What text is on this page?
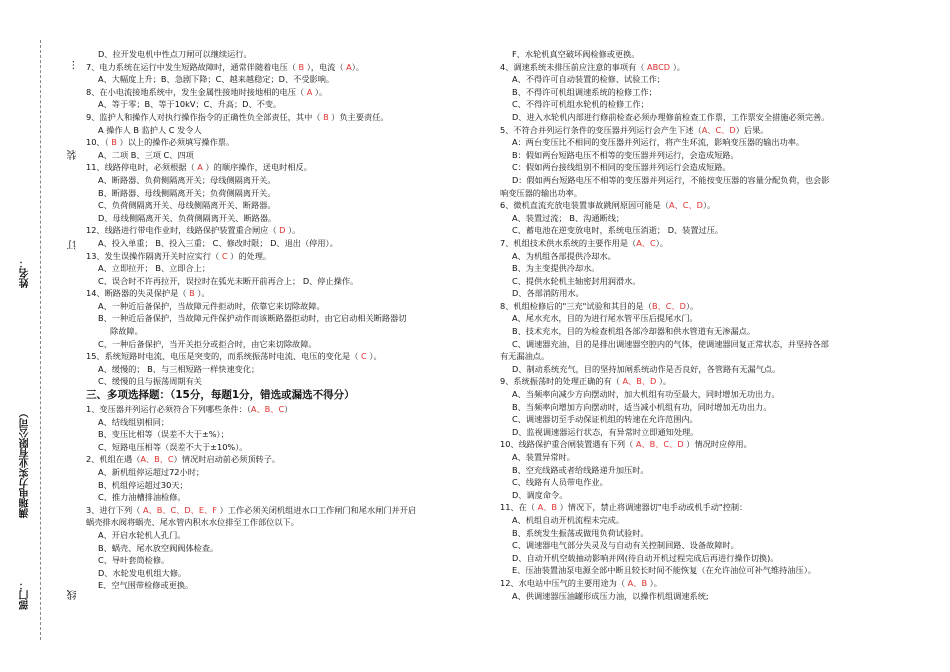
姓名：
满瑞电力实业有限公司）
部门：
…
装
订
线
D、拉开发电机中性点刀闸可以继续运行。
7、电力系统在运行中发生短路故障时，通常伴随着电压（ B ），电流（ A）。
A、大幅度上升；B、急剧下降；C、越来越稳定；D、不受影响。
8、在小电流接地系统中，发生金属性接地时接地相的电压（ A ）。
A、等于零；B、等于10kV；C、升高；D、不变。
9、监护人和操作人对执行操作指令的正确性负全部责任，其中（ B ）负主要责任。
A 操作人 B 监护人 C 发令人
10、（ B ）以上的操作必须填写操作票。
A、二项 B、三项 C、四项
11、线路停电时，必须根据（ A ）的顺序操作，送电时相反。
A、断路器、负荷侧隔离开关；母线侧隔离开关。
B、断路器、母线侧隔离开关；负荷侧隔离开关。
C、负荷侧隔离开关、母线侧隔离开关、断路器。
D、母线侧隔离开关、负荷侧隔离开关、断路器。
12、线路进行带电作业时，线路保护装置重合闸应（ D ）。
A、投入单重； B、投入三重； C、修改时限； D、退出（停用）。
13、发生误操作隔离开关时应实行（ C ）的处理。
A、立即拉开； B、立即合上；
C、误合时不许再拉开，误拉时在弧光未断开前再合上； D、停止操作。
14、断路器的失灵保护是（ B ）。
A、一种近后备保护，当故障元件拒动时，依靠它来切除故障。
B、一种近后备保护，当故障元件保护动作而该断路器拒动时，由它启动相关断路器切
除故障。
C、一种后备保护，当开关拒分或拒合时，由它来切除故障。
15、系统短路时电流、电压是突变的，而系统振荡时电流、电压的变化是（ C ）。
A、缓慢的； B、与三相短路一样快速变化；
C、缓慢的且与振荡周期有关
三、多项选择题：（15分，每题1分，错选或漏选不得分）
1、变压器并列运行必须符合下列哪些条件：（A、B、C）
A、结线组别相同；
B、变压比相等（误差不大于±%）；
C、短路电压相等（误差不大于±10%）。
2、机组在遇（A、B、C）情况时启动前必须顶转子。
A、新机组停运超过72小时；
B、机组停运超过30天；
C、推力油槽排油检修。
3、进行下列（ A、B、C、D、E、F ）工作必须关闭机组进水口工作闸门和尾水闸门并开启
蜗壳排水阀将蜗壳、尾水管内积水水位排至工作部位以下。
A、开启水轮机人孔门。
B、蜗壳、尾水放空阀阀体检查。
C、导叶套筒检修。
D、水轮发电机组大修。
E、空气围带检修或更换。
F、水轮机真空破坏阀检修或更换。
4、调速系统未排压前应注意的事项有（ ABCD ）。
A、不得许可自动装置的检修、试验工作；
B、不得许可机组调速系统的检修工作；
C、不得许可机组水轮机的检修工作；
D、进入水轮机内部进行修前检查必须办理修前检查工作票，工作票安全措施必须完善。
5、不符合并列运行条件的变压器并列运行会产生下述（A、C、D）后果。
A：两台变压比不相同的变压器并列运行，将产生环流，影响变压器的输出功率。
B：假如两台短路电压不相等的变压器并列运行，会造成短路。
C：假如两台接线组别不相同的变压器并列运行会造成短路。
D：假如两台短路电压不相等的变压器并列运行，不能按变压器的容量分配负荷，也会影
响变压器的输出功率。
6、微机直流充放电装置事故跳闸原因可能是（A、C、D）。
A、装置过流； B、沟通断线；
C、蓄电池在逆变放电时，系统电压消逝； D、装置过压。
7、机组技术供水系统的主要作用是（A、C）。
A、为机组各部提供冷却水。
B、为主变提供冷却水。
C、提供水轮机主轴密封用润滑水。
D、各部消防用水。
8、机组检修后的"三充"试验和其目的是（B、C、D）。
A、尾水充水，目的为进行尾水管平压后提尾水门。
B、技术充水，目的为检查机组各部冷却器和供水管道有无渗漏点。
C、调速器充油，目的是排出调速器空腔内的气体，使调速器回复正常状态，并坚持各部
有无漏油点。
D、制动系统充气，目的坚持加闸系统动作是否良好，各管路有无漏气点。
9、系统振荡时的处理正确的有（ A、B、D ）。
A、当频率向减少方向摆动时，加大机组有功至最大，同时增加无功出力。
B、当频率向增加方向摆动时，适当减小机组有功，同时增加无功出力。
C、调速器切至手动保证机组的转速在允许范围内。
D、监视调速器运行状态，有异常时立即通知处理。
10、线路保护重合闸装置遇有下列（ A、B、C、D ）情况时应停用。
A、装置异常时。
B、空充线路或者给线路递升加压时。
C、线路有人员带电作业。
D、调度命令。
11、在（ A、B ）情况下，禁止将调速器切"电手动或机手动"控制：
A、机组自动开机流程未完成。
B、系统发生振荡或做甩负荷试验时。
C、调速器电气部分失灵及与自动有关控制回路、设备故障时。
D、自动开机空载抽动影响并网(待自动开机过程完成后再进行操作切换)。
E、压油装置油泵电源全部中断且较长时间不能恢复（在允许油位可补气维持油压）。
12、水电站中压气的主要用途为（ A、B ）。
A、供调速器压油罐形成压力油，以操作机组调速系统;
